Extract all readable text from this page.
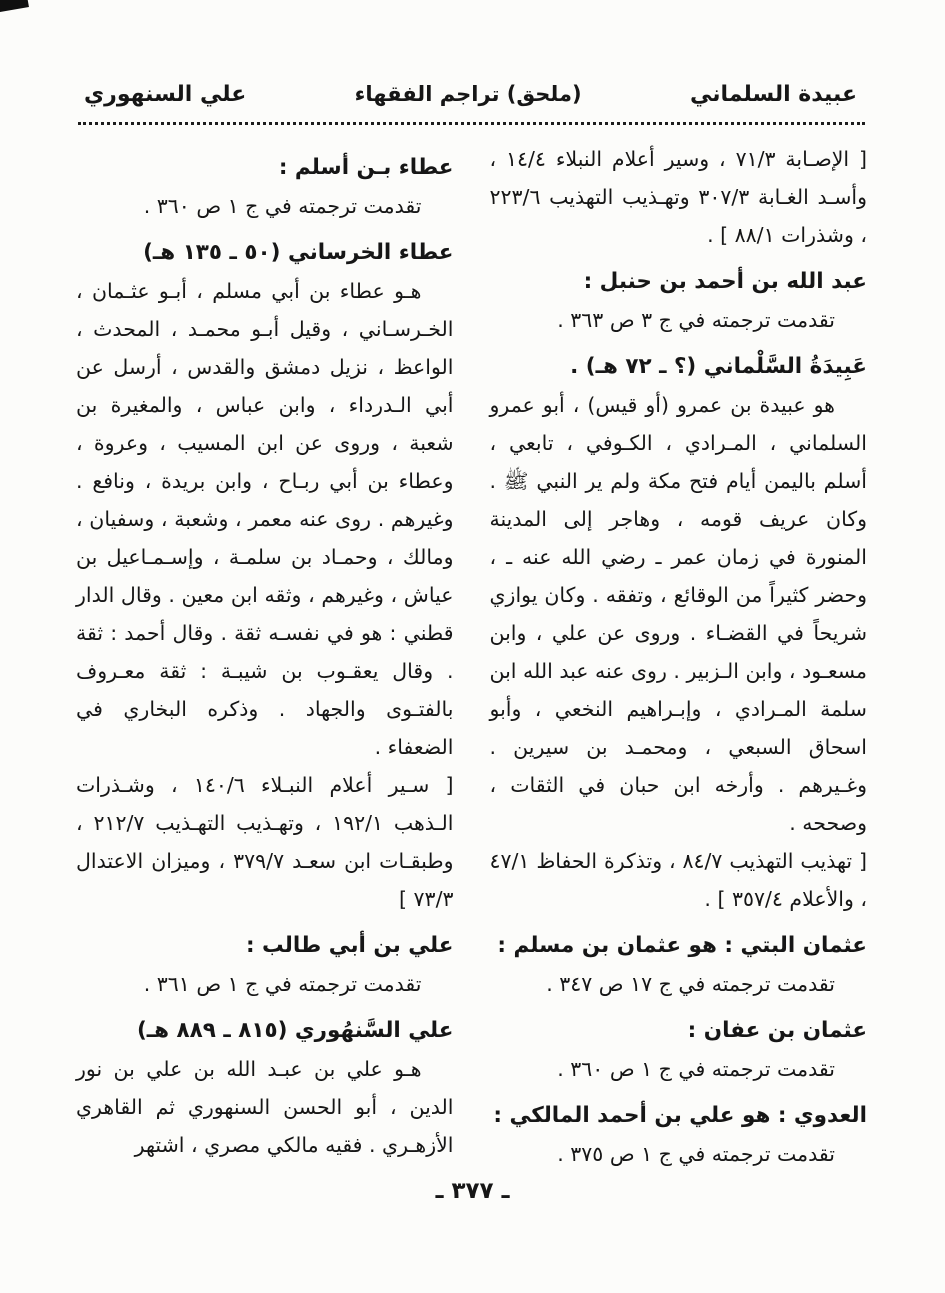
عبيدة السلماني
(ملحق) تراجم الفقهاء
علي السنهوري

[ الإصـابة ٧١/٣ ، وسير أعلام النبلاء ١٤/٤ ، وأسـد الغـابة ٣٠٧/٣ وتهـذيب التهذيب ٢٢٣/٦ ، وشذرات ٨٨/١ ] .

عبد الله بن أحمد بن حنبل :

تقدمت ترجمته في ج ٣ ص ٣٦٣ .

عَبِيدَةُ السَّلْماني (؟ ـ ٧٢ هـ) .

هو عبيدة بن عمرو (أو قيس) ، أبو عمرو السلماني ، المـرادي ، الكـوفي ، تابعي ، أسلم باليمن أيام فتح مكة ولم ير النبي ﷺ . وكان عريف قومه ، وهاجر إلى المدينة المنورة في زمان عمر ـ رضي الله عنه ـ ، وحضر كثيراً من الوقائع ، وتفقه . وكان يوازي شريحاً في القضـاء . وروى عن علي ، وابن مسعـود ، وابن الـزبير . روى عنه عبد الله ابن سلمة المـرادي ، وإبـراهيم النخعي ، وأبو اسحاق السبعي ، ومحمـد بن سيرين . وغـيرهم . وأرخه ابن حبان في الثقات ، وصححه .

[ تهذيب التهذيب ٨٤/٧ ، وتذكرة الحفاظ ٤٧/١ ، والأعلام ٣٥٧/٤ ] .

عثمان البتي : هو عثمان بن مسلم :

تقدمت ترجمته في ج ١٧ ص ٣٤٧ .

عثمان بن عفان :

تقدمت ترجمته في ج ١ ص ٣٦٠ .

العدوي : هو علي بن أحمد المالكي :

تقدمت ترجمته في ج ١ ص ٣٧٥ .

عطاء بـن أسلم :

تقدمت ترجمته في ج ١ ص ٣٦٠ .

عطاء الخرساني (٥٠ ـ ١٣٥ هـ)

هـو عطاء بن أبي مسلم ، أبـو عثـمان ، الخـرسـاني ، وقيل أبـو محمـد ، المحدث ، الواعظ ، نزيل دمشق والقدس ، أرسل عن أبي الـدرداء ، وابن عباس ، والمغيرة بن شعبة ، وروى عن ابن المسيب ، وعروة ، وعطاء بن أبي ربـاح ، وابن بريدة ، ونافع . وغيرهم . روى عنه معمر ، وشعبة ، وسفيان ، ومالك ، وحمـاد بن سلمـة ، وإسـمـاعيل بن عياش ، وغيرهم ، وثقه ابن معين . وقال الدار قطني : هو في نفسـه ثقة . وقال أحمد : ثقة . وقال يعقـوب بن شيبـة : ثقة معـروف بالفتـوى والجهاد . وذكره البخاري في الضعفاء .

[ سـير أعلام النبـلاء ١٤٠/٦ ، وشـذرات الـذهب ١٩٢/١ ، وتهـذيب التهـذيب ٢١٢/٧ ، وطبقـات ابن سعـد ٣٧٩/٧ ، وميزان الاعتدال ٧٣/٣ ]

علي بن أبي طالب :

تقدمت ترجمته في ج ١ ص ٣٦١ .

علي السَّنهُوري (٨١٥ ـ ٨٨٩ هـ)

هـو علي بن عبـد الله بن علي بن نور الدين ، أبو الحسن السنهوري ثم القاهري الأزهـري . فقيه مالكي مصري ، اشتهر

ـ ٣٧٧ ـ
